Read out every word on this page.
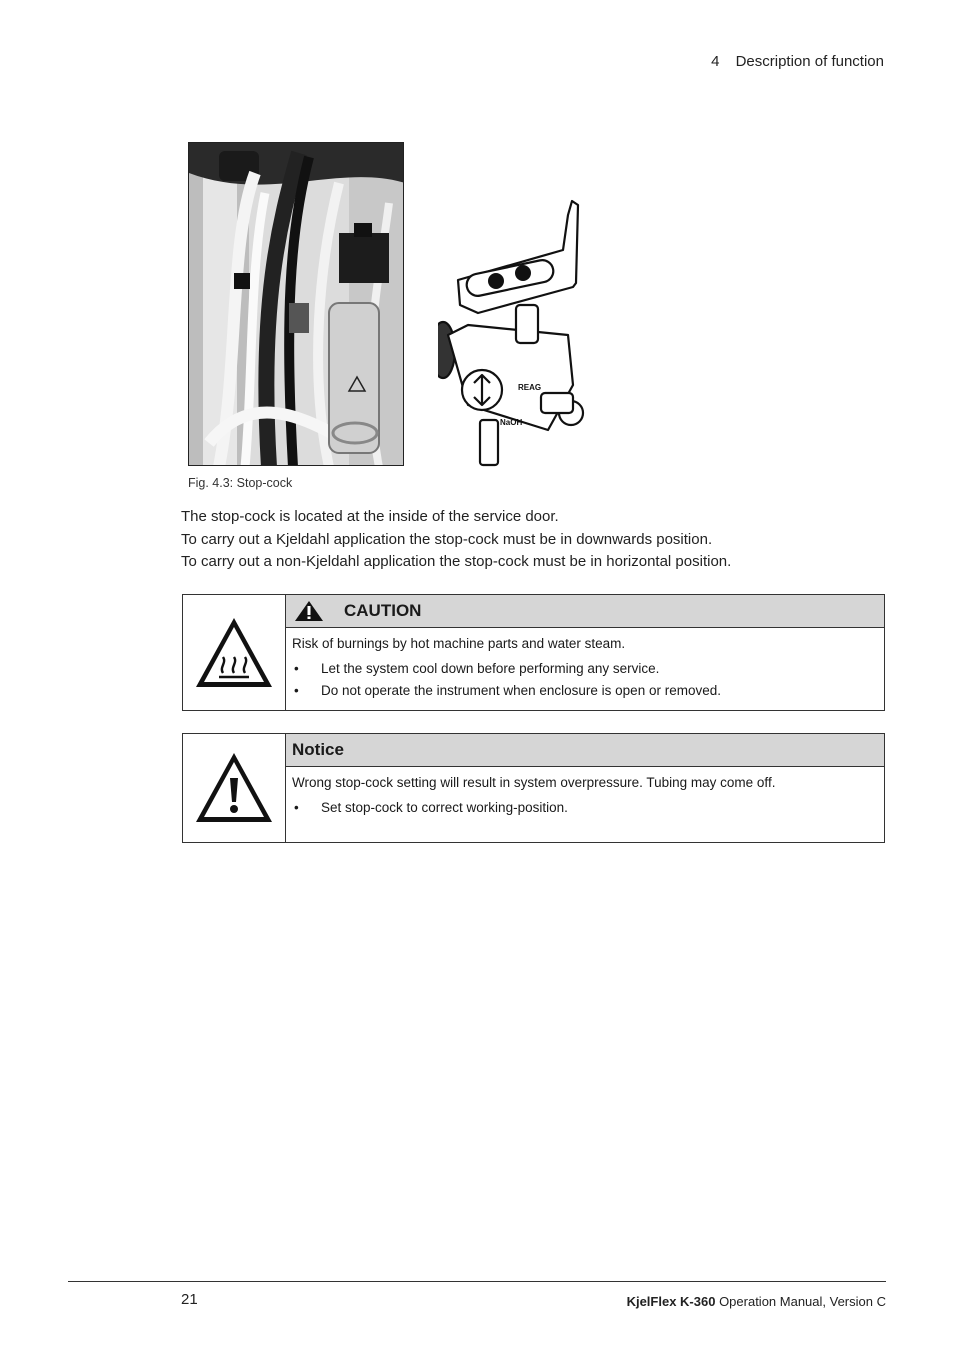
4 Description of function
REAG
NaOH
Fig. 4.3: Stop-cock

The stop-cock is located at the inside of the service door.

To carry out a Kjeldahl application the stop-cock must be in downwards position.

To carry out a non-Kjeldahl application the stop-cock must be in horizontal position.

CAUTION

Risk of burnings by hot machine parts and water steam.

• Let the system cool down before performing any service.
• Do not operate the instrument when enclosure is open or removed.
Notice

Wrong stop-cock setting will result in system overpressure. Tubing may come off.

• Set stop-cock to correct working-position.
21	KjelFlex K-360 Operation Manual, Version C
